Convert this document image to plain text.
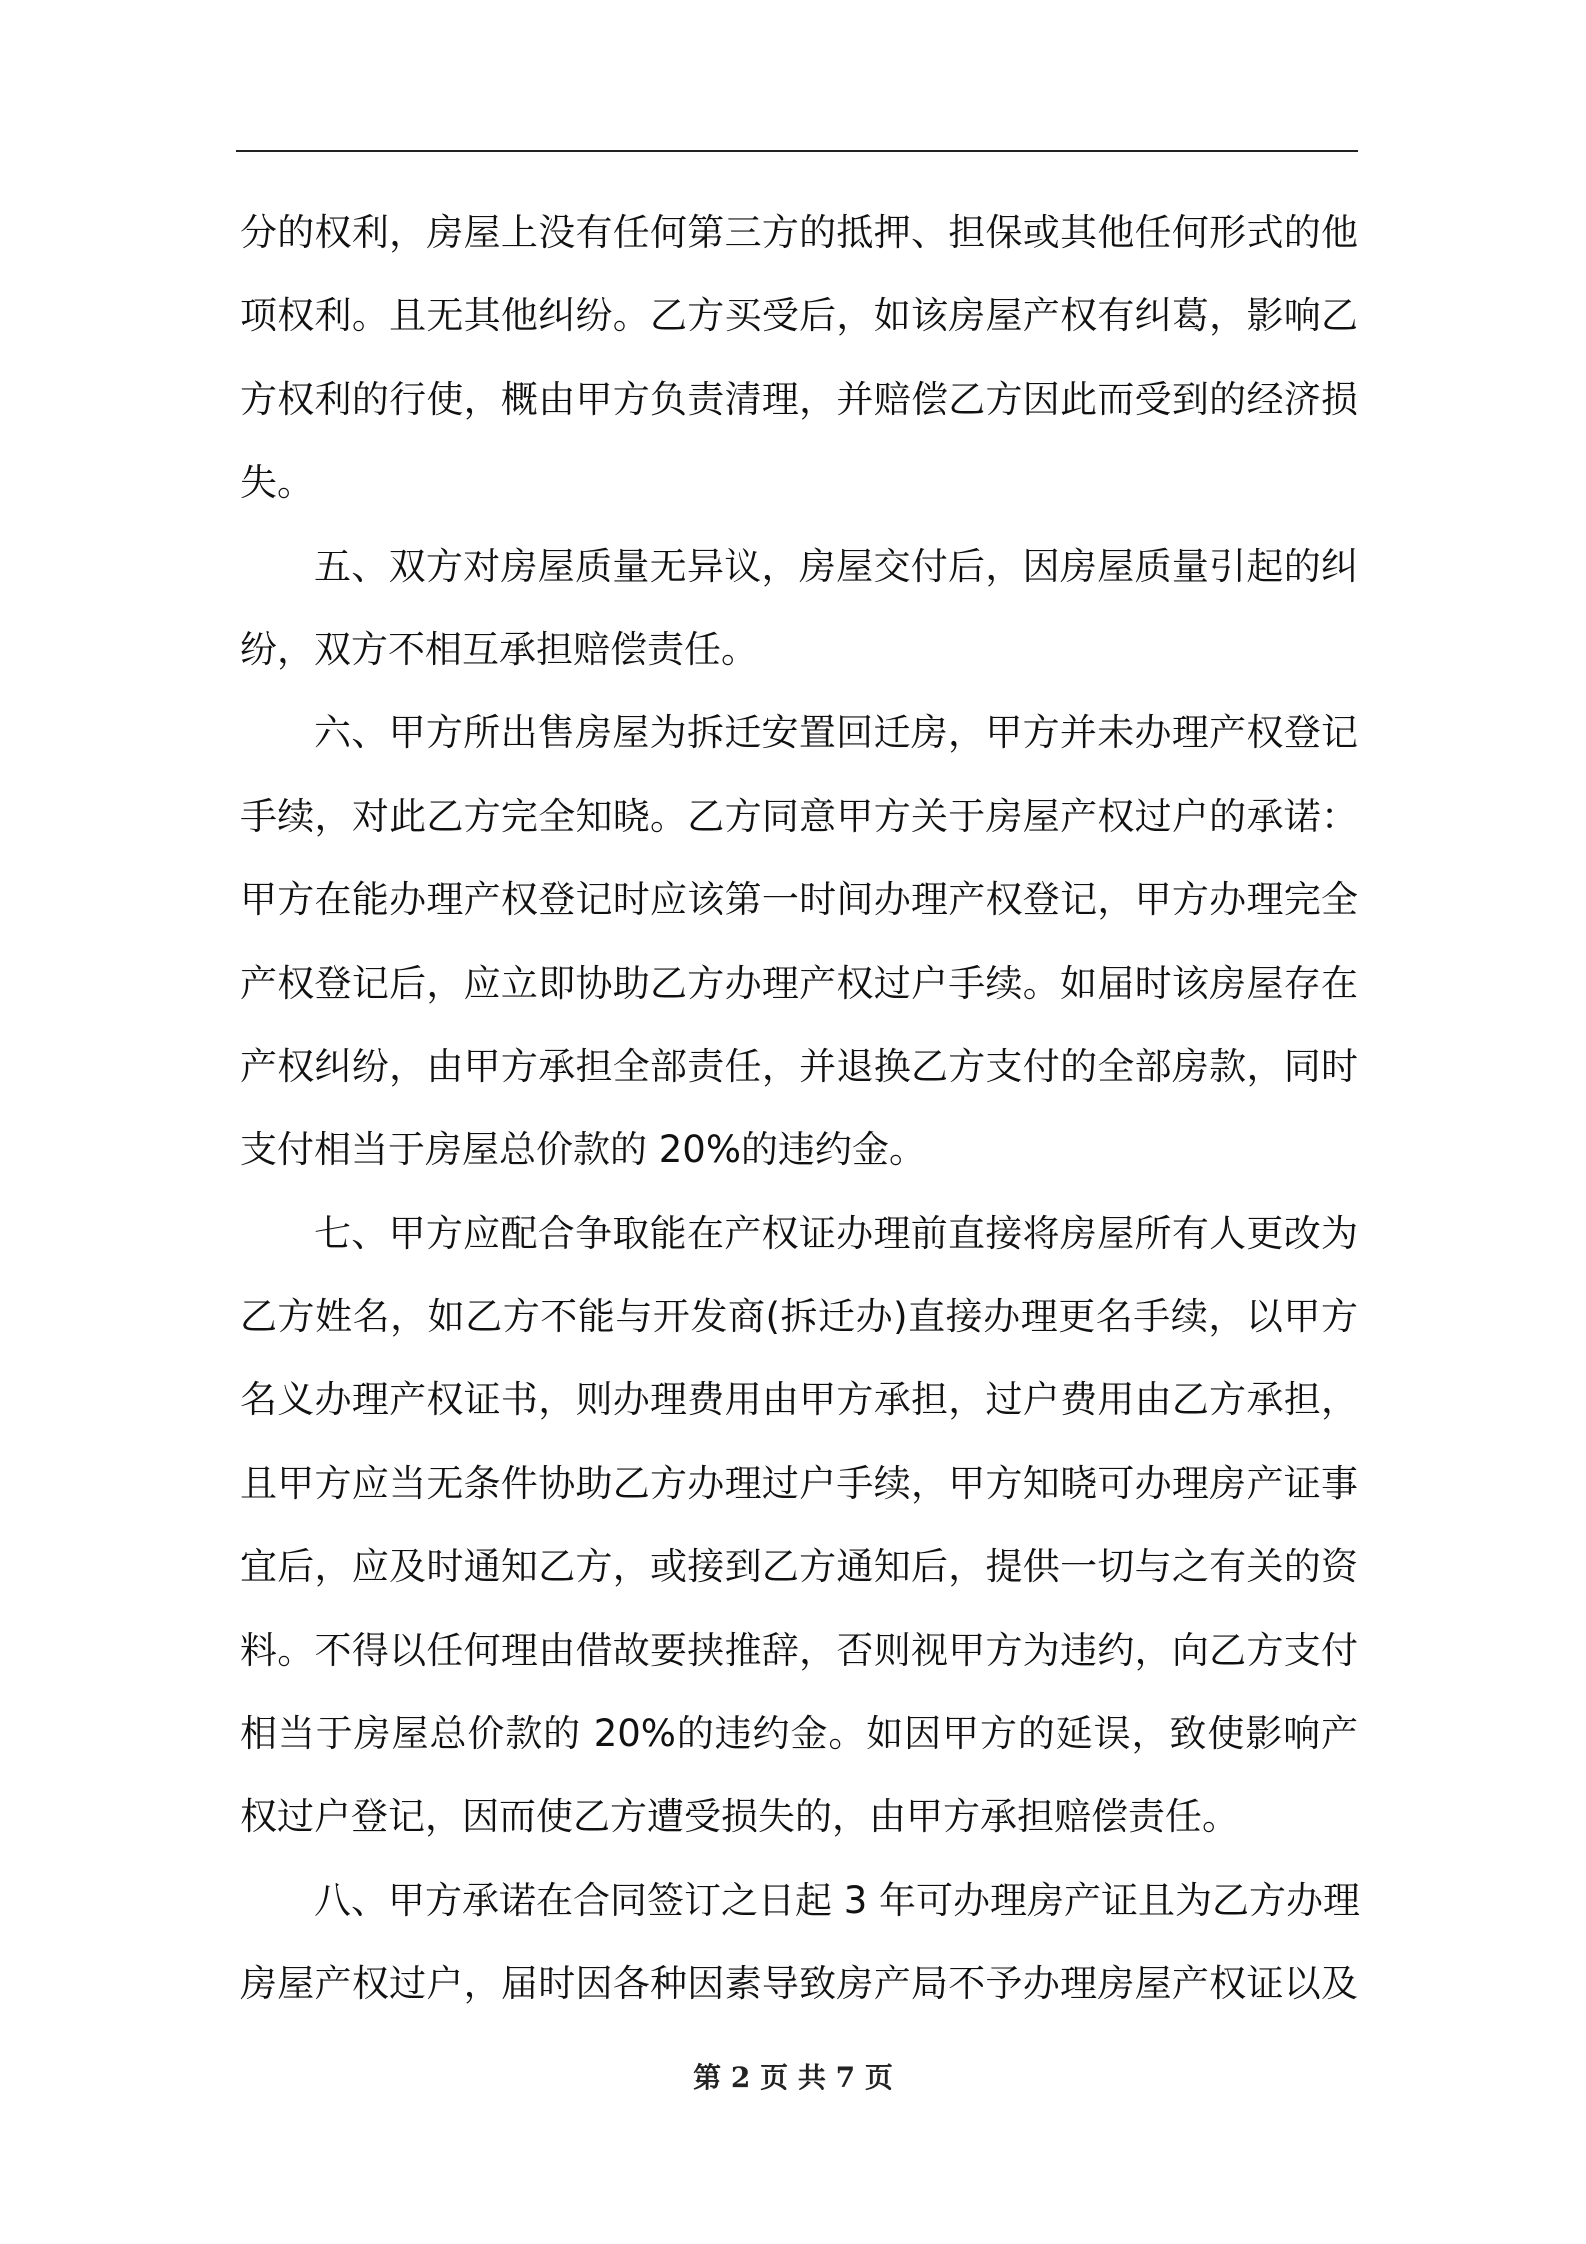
分的权利，房屋上没有任何第三方的抵押、担保或其他任何形式的他
项权利。且无其他纠纷。乙方买受后，如该房屋产权有纠葛，影响乙
方权利的行使，概由甲方负责清理，并赔偿乙方因此而受到的经济损
失。
五、双方对房屋质量无异议，房屋交付后，因房屋质量引起的纠
纷，双方不相互承担赔偿责任。
六、甲方所出售房屋为拆迁安置回迁房，甲方并未办理产权登记
手续，对此乙方完全知晓。乙方同意甲方关于房屋产权过户的承诺：
甲方在能办理产权登记时应该第一时间办理产权登记，甲方办理完全
产权登记后，应立即协助乙方办理产权过户手续。如届时该房屋存在
产权纠纷，由甲方承担全部责任，并退换乙方支付的全部房款，同时
支付相当于房屋总价款的 20%的违约金。
七、甲方应配合争取能在产权证办理前直接将房屋所有人更改为
乙方姓名，如乙方不能与开发商(拆迁办)直接办理更名手续，以甲方
名义办理产权证书，则办理费用由甲方承担，过户费用由乙方承担，
且甲方应当无条件协助乙方办理过户手续，甲方知晓可办理房产证事
宜后，应及时通知乙方，或接到乙方通知后，提供一切与之有关的资
料。不得以任何理由借故要挟推辞，否则视甲方为违约，向乙方支付
相当于房屋总价款的 20%的违约金。如因甲方的延误，致使影响产
权过户登记，因而使乙方遭受损失的，由甲方承担赔偿责任。
八、甲方承诺在合同签订之日起 3 年可办理房产证且为乙方办理
房屋产权过户，届时因各种因素导致房产局不予办理房屋产权证以及
第 2 页 共 7 页
